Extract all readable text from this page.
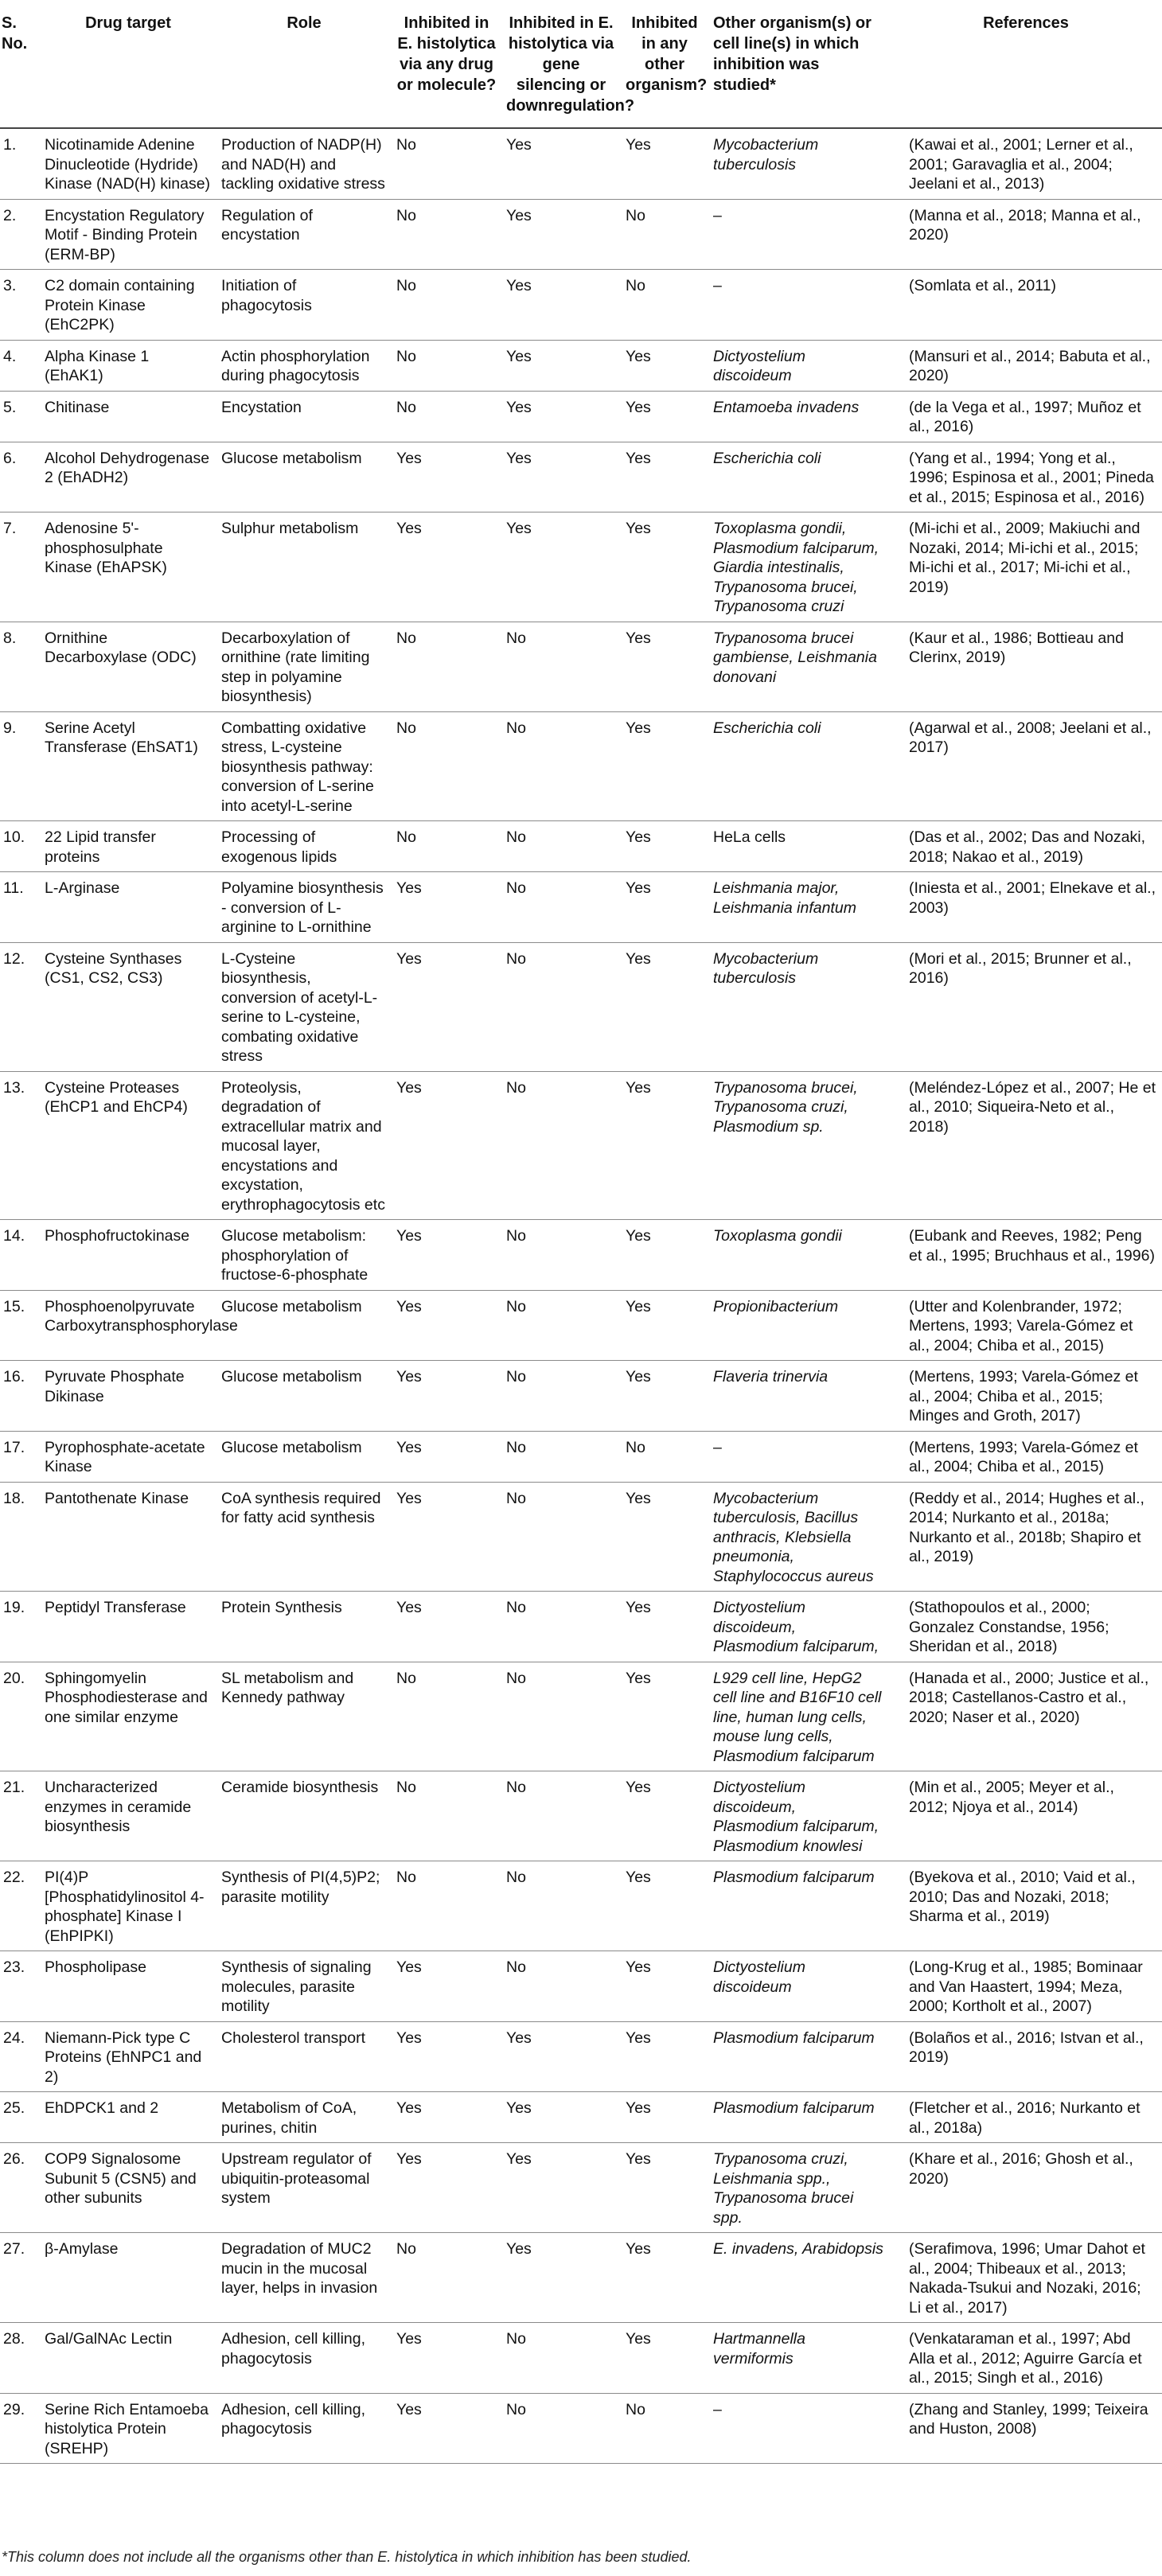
S. No.	Drug target	Role	Inhibited in E. histolytica via any drug or molecule?	Inhibited in E. histolytica via gene silencing or downregulation?	Inhibited in any other organism?	Other organism(s) or cell line(s) in which inhibition was studied*	References
1.	Nicotinamide Adenine Dinucleotide (Hydride) Kinase (NAD(H) kinase)	Production of NADP(H) and NAD(H) and tackling oxidative stress	No	Yes	Yes	Mycobacterium tuberculosis	(Kawai et al., 2001; Lerner et al., 2001; Garavaglia et al., 2004; Jeelani et al., 2013)
2.	Encystation Regulatory Motif - Binding Protein (ERM-BP)	Regulation of encystation	No	Yes	No	–	(Manna et al., 2018; Manna et al., 2020)
3.	C2 domain containing Protein Kinase (EhC2PK)	Initiation of phagocytosis	No	Yes	No	–	(Somlata et al., 2011)
4.	Alpha Kinase 1 (EhAK1)	Actin phosphorylation during phagocytosis	No	Yes	Yes	Dictyostelium discoideum	(Mansuri et al., 2014; Babuta et al., 2020)
5.	Chitinase	Encystation	No	Yes	Yes	Entamoeba invadens	(de la Vega et al., 1997; Muñoz et al., 2016)
6.	Alcohol Dehydrogenase 2 (EhADH2)	Glucose metabolism	Yes	Yes	Yes	Escherichia coli	(Yang et al., 1994; Yong et al., 1996; Espinosa et al., 2001; Pineda et al., 2015; Espinosa et al., 2016)
7.	Adenosine 5'-phosphosulphate Kinase (EhAPSK)	Sulphur metabolism	Yes	Yes	Yes	Toxoplasma gondii, Plasmodium falciparum, Giardia intestinalis, Trypanosoma brucei, Trypanosoma cruzi	(Mi-ichi et al., 2009; Makiuchi and Nozaki, 2014; Mi-ichi et al., 2015; Mi-ichi et al., 2017; Mi-ichi et al., 2019)
8.	Ornithine Decarboxylase (ODC)	Decarboxylation of ornithine (rate limiting step in polyamine biosynthesis)	No	No	Yes	Trypanosoma brucei gambiense, Leishmania donovani	(Kaur et al., 1986; Bottieau and Clerinx, 2019)
9.	Serine Acetyl Transferase (EhSAT1)	Combatting oxidative stress, L-cysteine biosynthesis pathway: conversion of L-serine into acetyl-L-serine	No	No	Yes	Escherichia coli	(Agarwal et al., 2008; Jeelani et al., 2017)
10.	22 Lipid transfer proteins	Processing of exogenous lipids	No	No	Yes	HeLa cells	(Das et al., 2002; Das and Nozaki, 2018; Nakao et al., 2019)
11.	L-Arginase	Polyamine biosynthesis - conversion of L-arginine to L-ornithine	Yes	No	Yes	Leishmania major, Leishmania infantum	(Iniesta et al., 2001; Elnekave et al., 2003)
12.	Cysteine Synthases (CS1, CS2, CS3)	L-Cysteine biosynthesis, conversion of acetyl-L-serine to L-cysteine, combating oxidative stress	Yes	No	Yes	Mycobacterium tuberculosis	(Mori et al., 2015; Brunner et al., 2016)
13.	Cysteine Proteases (EhCP1 and EhCP4)	Proteolysis, degradation of extracellular matrix and mucosal layer, encystations and excystation, erythrophagocytosis etc	Yes	No	Yes	Trypanosoma brucei, Trypanosoma cruzi, Plasmodium sp.	(Meléndez-López et al., 2007; He et al., 2010; Siqueira-Neto et al., 2018)
14.	Phosphofructokinase	Glucose metabolism: phosphorylation of fructose-6-phosphate	Yes	No	Yes	Toxoplasma gondii	(Eubank and Reeves, 1982; Peng et al., 1995; Bruchhaus et al., 1996)
15.	Phosphoenolpyruvate Carboxytransphosphorylase	Glucose metabolism	Yes	No	Yes	Propionibacterium	(Utter and Kolenbrander, 1972; Mertens, 1993; Varela-Gómez et al., 2004; Chiba et al., 2015)
16.	Pyruvate Phosphate Dikinase	Glucose metabolism	Yes	No	Yes	Flaveria trinervia	(Mertens, 1993; Varela-Gómez et al., 2004; Chiba et al., 2015; Minges and Groth, 2017)
17.	Pyrophosphate-acetate Kinase	Glucose metabolism	Yes	No	No	–	(Mertens, 1993; Varela-Gómez et al., 2004; Chiba et al., 2015)
18.	Pantothenate Kinase	CoA synthesis required for fatty acid synthesis	Yes	No	Yes	Mycobacterium tuberculosis, Bacillus anthracis, Klebsiella pneumonia, Staphylococcus aureus	(Reddy et al., 2014; Hughes et al., 2014; Nurkanto et al., 2018a; Nurkanto et al., 2018b; Shapiro et al., 2019)
19.	Peptidyl Transferase	Protein Synthesis	Yes	No	Yes	Dictyostelium discoideum, Plasmodium falciparum,	(Stathopoulos et al., 2000; Gonzalez Constandse, 1956; Sheridan et al., 2018)
20.	Sphingomyelin Phosphodiesterase and one similar enzyme	SL metabolism and Kennedy pathway	No	No	Yes	L929 cell line, HepG2 cell line and B16F10 cell line, human lung cells, mouse lung cells, Plasmodium falciparum	(Hanada et al., 2000; Justice et al., 2018; Castellanos-Castro et al., 2020; Naser et al., 2020)
21.	Uncharacterized enzymes in ceramide biosynthesis	Ceramide biosynthesis	No	No	Yes	Dictyostelium discoideum, Plasmodium falciparum, Plasmodium knowlesi	(Min et al., 2005; Meyer et al., 2012; Njoya et al., 2014)
22.	PI(4)P [Phosphatidylinositol 4-phosphate] Kinase I (EhPIPKI)	Synthesis of PI(4,5)P2; parasite motility	No	No	Yes	Plasmodium falciparum	(Byekova et al., 2010; Vaid et al., 2010; Das and Nozaki, 2018; Sharma et al., 2019)
23.	Phospholipase	Synthesis of signaling molecules, parasite motility	Yes	No	Yes	Dictyostelium discoideum	(Long-Krug et al., 1985; Bominaar and Van Haastert, 1994; Meza, 2000; Kortholt et al., 2007)
24.	Niemann-Pick type C Proteins (EhNPC1 and 2)	Cholesterol transport	Yes	Yes	Yes	Plasmodium falciparum	(Bolaños et al., 2016; Istvan et al., 2019)
25.	EhDPCK1 and 2	Metabolism of CoA, purines, chitin	Yes	Yes	Yes	Plasmodium falciparum	(Fletcher et al., 2016; Nurkanto et al., 2018a)
26.	COP9 Signalosome Subunit 5 (CSN5) and other subunits	Upstream regulator of ubiquitin-proteasomal system	Yes	Yes	Yes	Trypanosoma cruzi, Leishmania spp., Trypanosoma brucei spp.	(Khare et al., 2016; Ghosh et al., 2020)
27.	β-Amylase	Degradation of MUC2 mucin in the mucosal layer, helps in invasion	No	Yes	Yes	E. invadens, Arabidopsis	(Serafimova, 1996; Umar Dahot et al., 2004; Thibeaux et al., 2013; Nakada-Tsukui and Nozaki, 2016; Li et al., 2017)
28.	Gal/GalNAc Lectin	Adhesion, cell killing, phagocytosis	Yes	No	Yes	Hartmannella vermiformis	(Venkataraman et al., 1997; Abd Alla et al., 2012; Aguirre García et al., 2015; Singh et al., 2016)
29.	Serine Rich Entamoeba histolytica Protein (SREHP)	Adhesion, cell killing, phagocytosis	Yes	No	No	–	(Zhang and Stanley, 1999; Teixeira and Huston, 2008)
*This column does not include all the organisms other than E. histolytica in which inhibition has been studied.
